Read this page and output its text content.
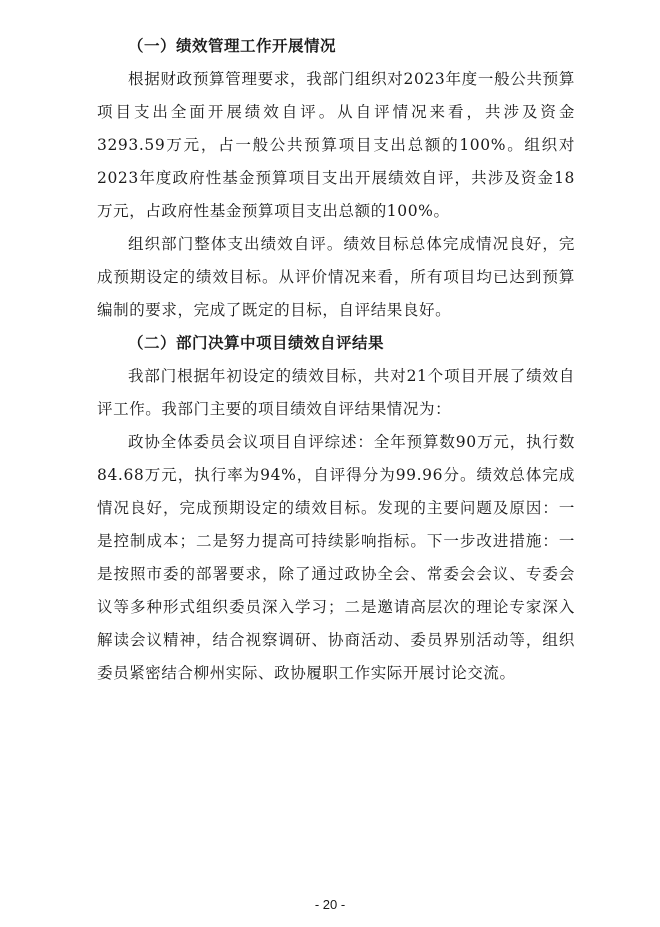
（一）绩效管理工作开展情况

根据财政预算管理要求，我部门组织对2023年度一般公共预算项目支出全面开展绩效自评。从自评情况来看，共涉及资金3293.59万元，占一般公共预算项目支出总额的100%。组织对2023年度政府性基金预算项目支出开展绩效自评，共涉及资金18万元，占政府性基金预算项目支出总额的100%。

组织部门整体支出绩效自评。绩效目标总体完成情况良好，完成预期设定的绩效目标。从评价情况来看，所有项目均已达到预算编制的要求，完成了既定的目标，自评结果良好。

（二）部门决算中项目绩效自评结果

我部门根据年初设定的绩效目标，共对21个项目开展了绩效自评工作。我部门主要的项目绩效自评结果情况为：

政协全体委员会议项目自评综述：全年预算数90万元，执行数84.68万元，执行率为94%，自评得分为99.96分。绩效总体完成情况良好，完成预期设定的绩效目标。发现的主要问题及原因：一是控制成本；二是努力提高可持续影响指标。下一步改进措施：一是按照市委的部署要求，除了通过政协全会、常委会会议、专委会议等多种形式组织委员深入学习；二是邀请高层次的理论专家深入解读会议精神，结合视察调研、协商活动、委员界别活动等，组织委员紧密结合柳州实际、政协履职工作实际开展讨论交流。

- 20 -
